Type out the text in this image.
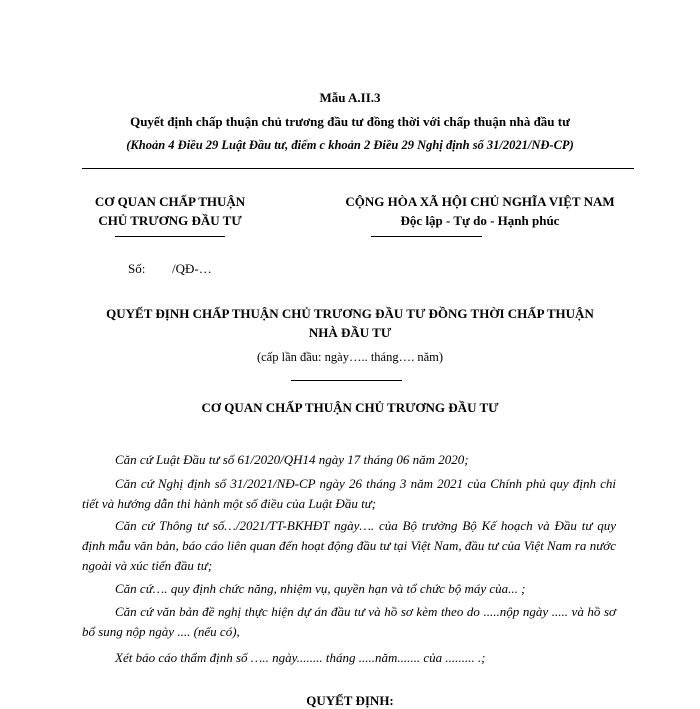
Mẫu A.II.3
Quyết định chấp thuận chủ trương đầu tư đồng thời với chấp thuận nhà đầu tư
(Khoản 4 Điều 29 Luật Đầu tư, điểm c khoản 2 Điều 29 Nghị định số 31/2021/NĐ-CP)
CƠ QUAN CHẤP THUẬN
CHỦ TRƯƠNG ĐẦU TƯ
CỘNG HÒA XÃ HỘI CHỦ NGHĨA VIỆT NAM
Độc lập - Tự do - Hạnh phúc
Số: /QĐ-…
QUYẾT ĐỊNH CHẤP THUẬN CHỦ TRƯƠNG ĐẦU TƯ ĐỒNG THỜI CHẤP THUẬN
NHÀ ĐẦU TƯ
(cấp lần đầu: ngày….. tháng…. năm)
CƠ QUAN CHẤP THUẬN CHỦ TRƯƠNG ĐẦU TƯ
Căn cứ Luật Đầu tư số 61/2020/QH14 ngày 17 tháng 06 năm 2020;
Căn cứ Nghị định số 31/2021/NĐ-CP ngày 26 tháng 3 năm 2021 của Chính phủ quy định chi tiết và hướng dẫn thi hành một số điều của Luật Đầu tư;
Căn cứ Thông tư số…/2021/TT-BKHĐT ngày…. của Bộ trưởng Bộ Kế hoạch và Đầu tư quy định mẫu văn bản, báo cáo liên quan đến hoạt động đầu tư tại Việt Nam, đầu tư của Việt Nam ra nước ngoài và xúc tiến đầu tư;
Căn cứ…. quy định chức năng, nhiệm vụ, quyền hạn và tổ chức bộ máy của... ;
Căn cứ văn bản đề nghị thực hiện dự án đầu tư và hồ sơ kèm theo do .....nộp ngày ..... và hồ sơ bổ sung nộp ngày .... (nếu có),
Xét báo cáo thẩm định số ….. ngày........ tháng .....năm....... của ......... .;
QUYẾT ĐỊNH:
